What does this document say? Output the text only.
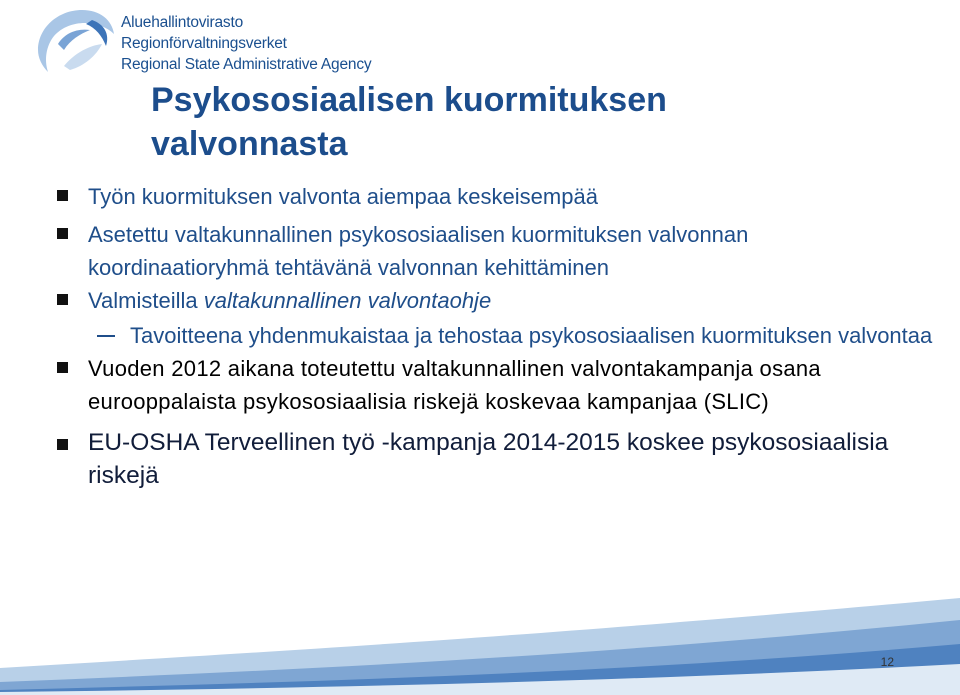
Aluehallintovirasto
Regionförvaltningsverket
Regional State Administrative Agency
Psykososiaalisen kuormituksen
valvonnasta
Työn kuormituksen valvonta aiempaa keskeisempää
Asetettu valtakunnallinen psykososiaalisen kuormituksen valvonnan koordinaatioryhmä tehtävänä valvonnan kehittäminen
Valmisteilla valtakunnallinen valvontaohje
Tavoitteena yhdenmukaistaa ja tehostaa psykososiaalisen kuormituksen valvontaa
Vuoden 2012 aikana toteutettu valtakunnallinen valvontakampanja osana eurooppalaista psykososiaalisia riskejä koskevaa kampanjaa (SLIC)
EU-OSHA Terveellinen työ -kampanja 2014-2015 koskee psykososiaalisia riskejä
12
